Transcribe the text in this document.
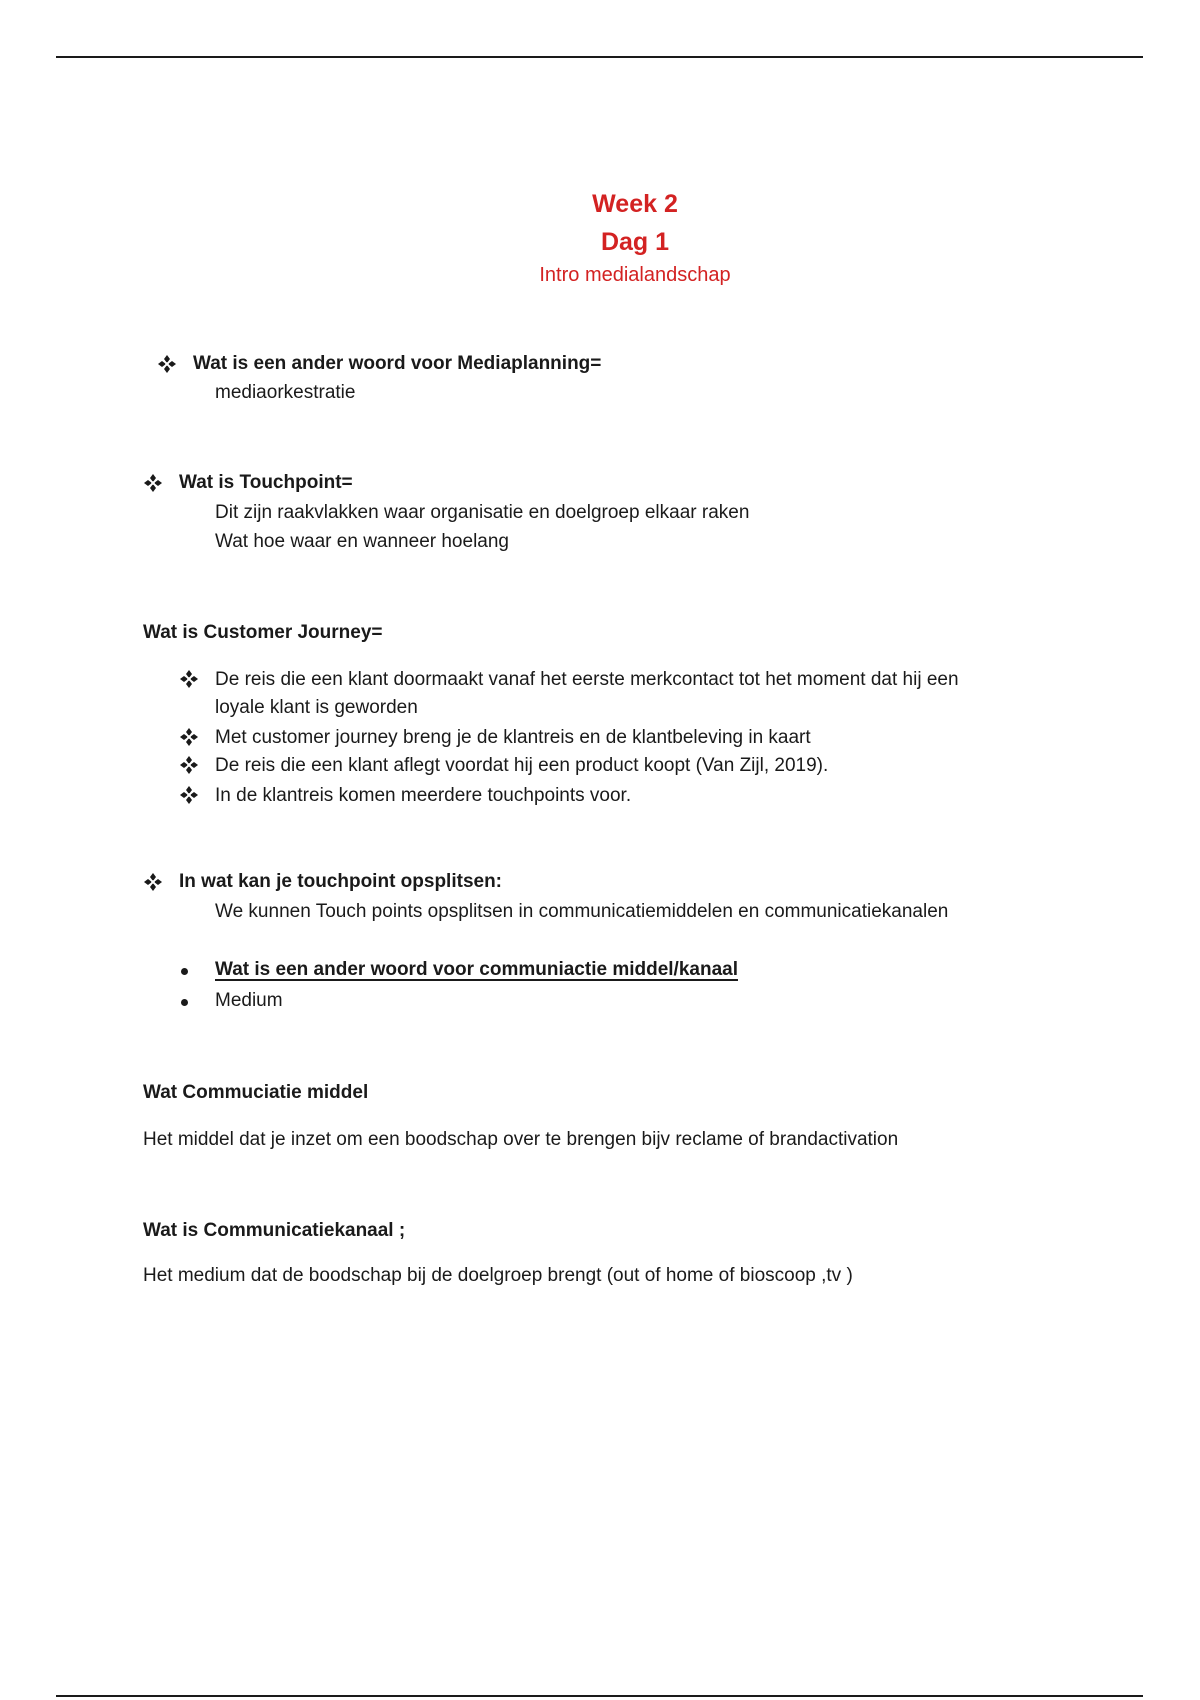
Week 2
Dag 1
Intro medialandschap
Wat is een ander woord voor Mediaplanning=
mediaorkestratie
Wat is Touchpoint=
Dit zijn raakvlakken waar organisatie en doelgroep elkaar raken
Wat hoe waar en wanneer hoelang
Wat is Customer Journey=
De reis die een klant doormaakt vanaf het eerste merkcontact tot het moment dat hij een
loyale klant is geworden
Met customer journey breng je de klantreis en de klantbeleving in kaart
De reis die een klant aflegt voordat hij een product koopt (Van Zijl, 2019).
In de klantreis komen meerdere touchpoints voor.
In wat kan je touchpoint opsplitsen:
We kunnen Touch points opsplitsen in communicatiemiddelen en communicatiekanalen
Wat is een ander woord voor communiactie middel/kanaal
Medium
Wat Commuciatie middel
Het middel dat je inzet om een boodschap over te brengen bijv reclame of brandactivation
Wat is Communicatiekanaal ;
Het medium dat de boodschap bij de doelgroep brengt (out of home of bioscoop ,tv )
